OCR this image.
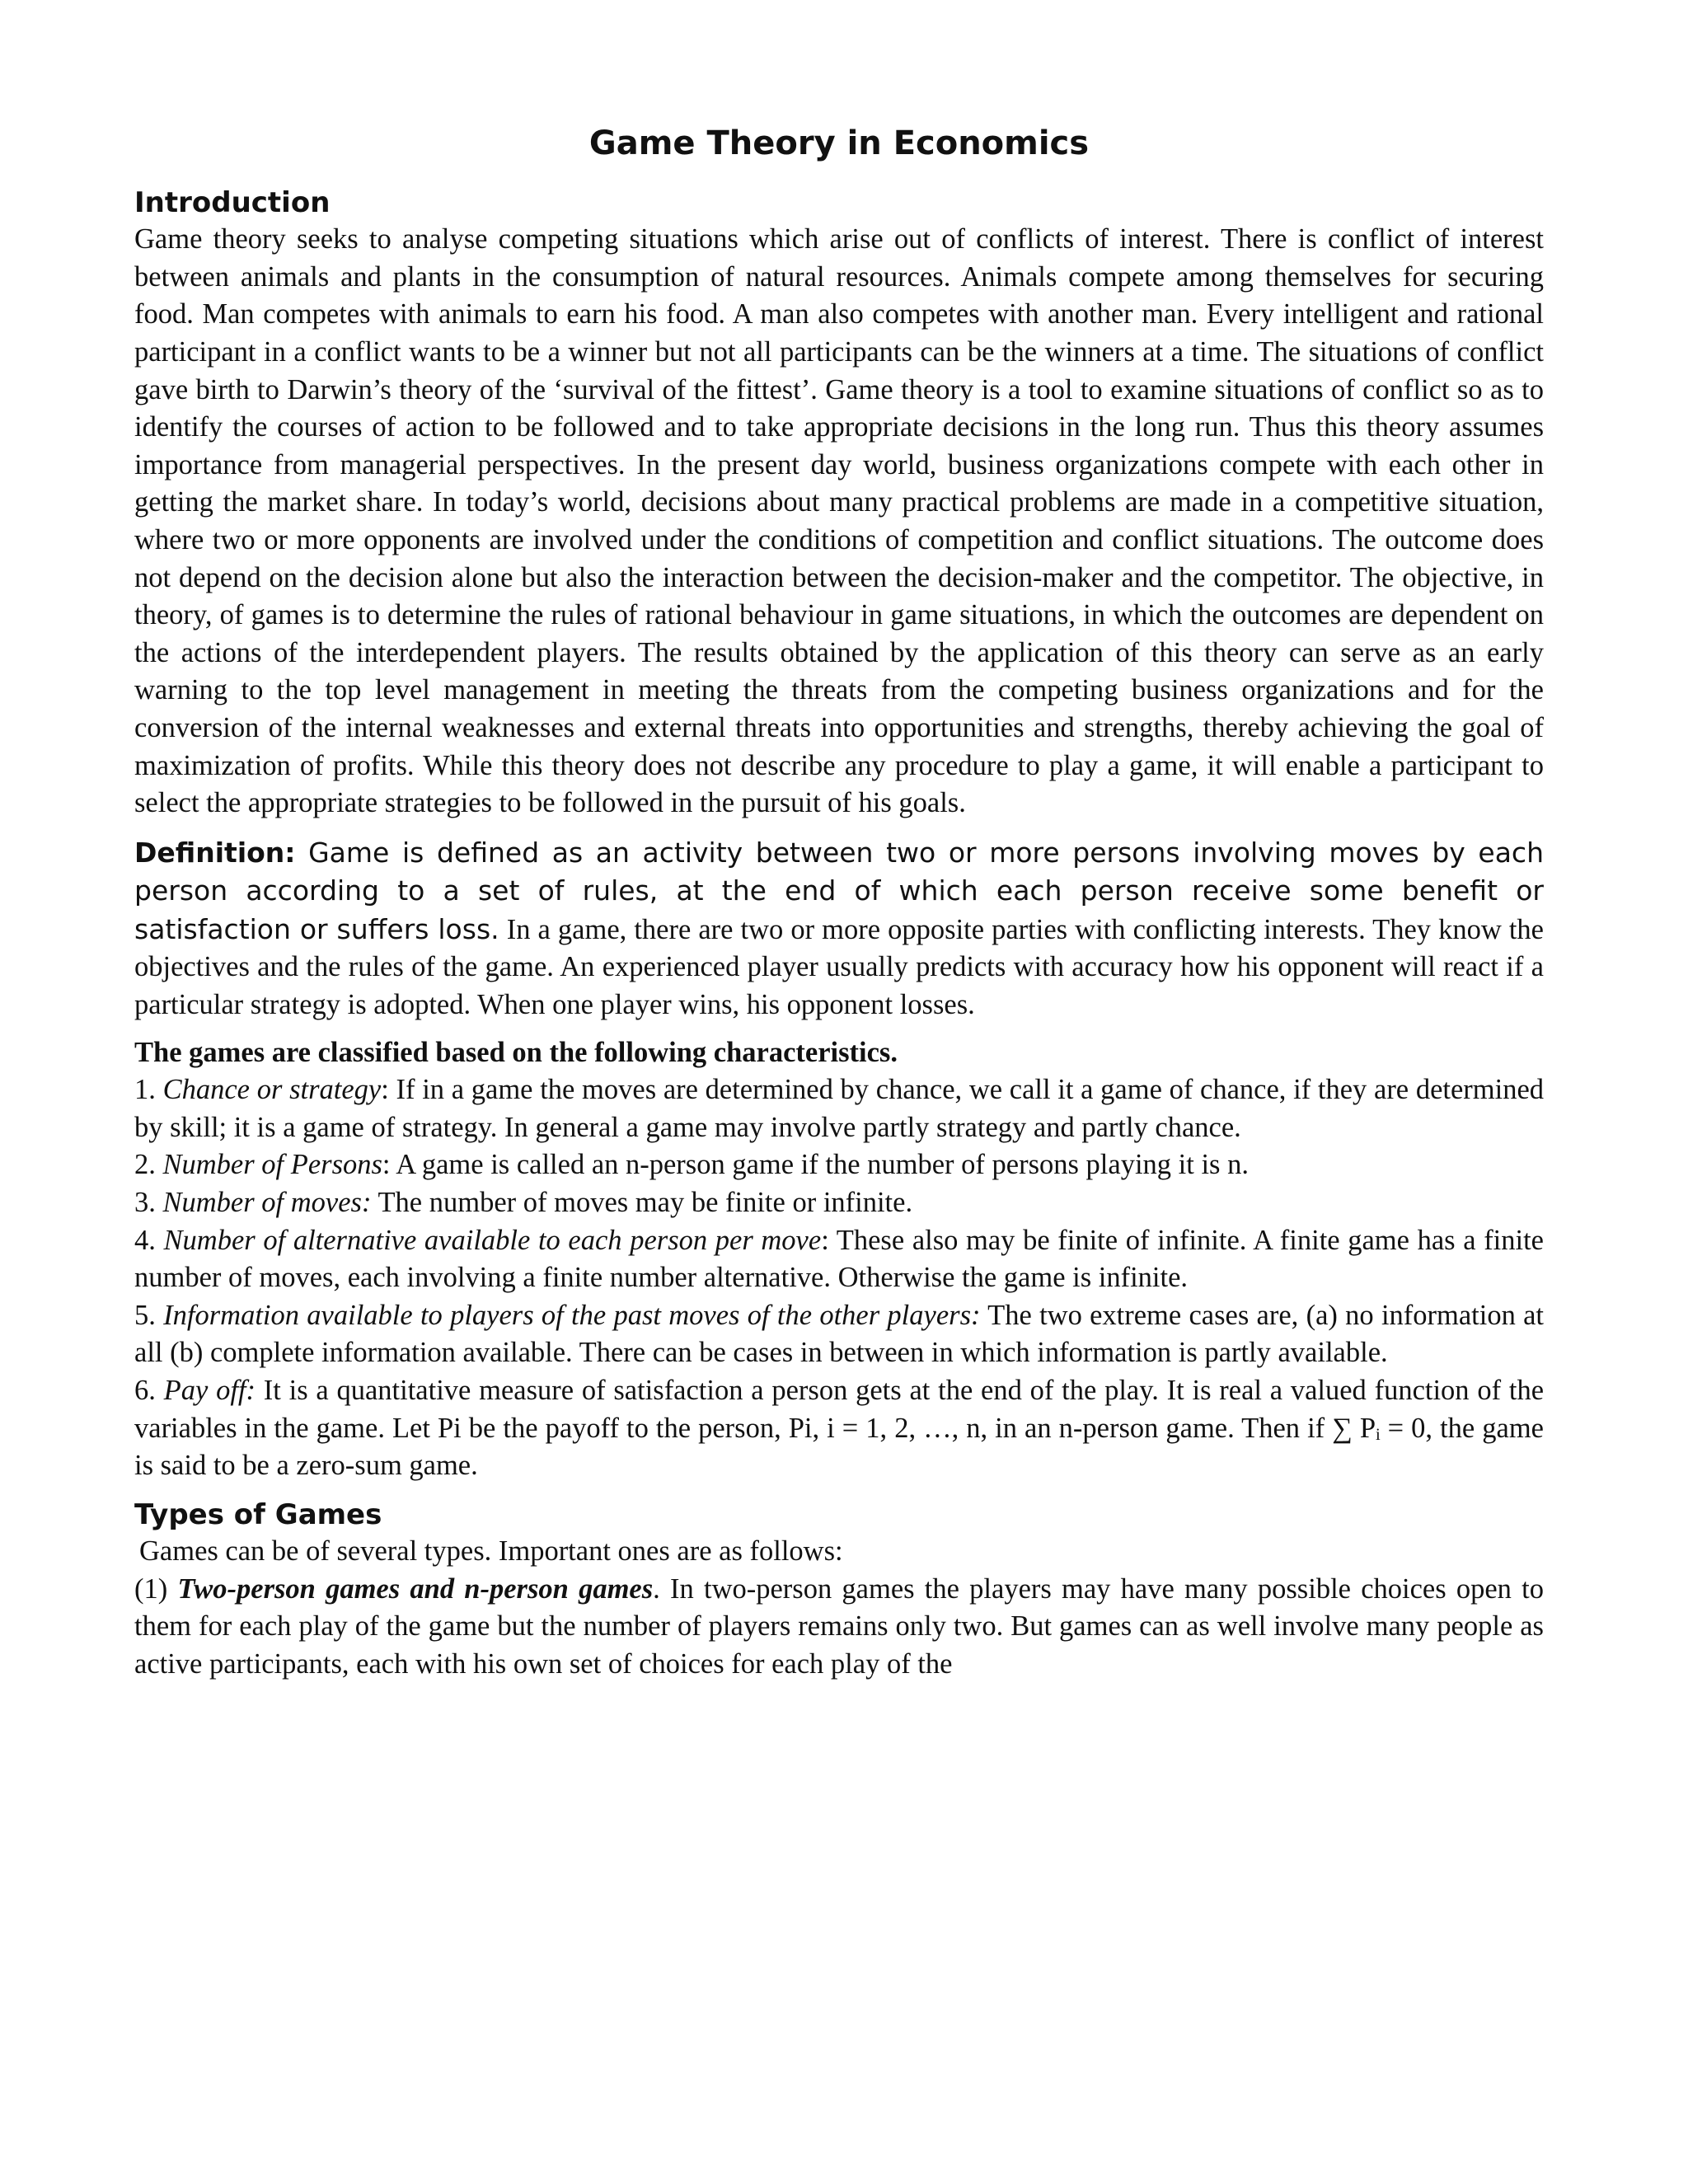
Game Theory in Economics
Introduction

Game theory seeks to analyse competing situations which arise out of conflicts of interest. There is conflict of interest between animals and plants in the consumption of natural resources. Animals compete among themselves for securing food. Man competes with animals to earn his food. A man also competes with another man. Every intelligent and rational participant in a conflict wants to be a winner but not all participants can be the winners at a time. The situations of conflict gave birth to Darwin’s theory of the ‘survival of the fittest’. Game theory is a tool to examine situations of conflict so as to identify the courses of action to be followed and to take appropriate decisions in the long run. Thus this theory assumes importance from managerial perspectives. In the present day world, business organizations compete with each other in getting the market share. In today’s world, decisions about many practical problems are made in a competitive situation, where two or more opponents are involved under the conditions of competition and conflict situations. The outcome does not depend on the decision alone but also the interaction between the decision-maker and the competitor. The objective, in theory, of games is to determine the rules of rational behaviour in game situations, in which the outcomes are dependent on the actions of the interdependent players. The results obtained by the application of this theory can serve as an early warning to the top level management in meeting the threats from the competing business organizations and for the conversion of the internal weaknesses and external threats into opportunities and strengths, thereby achieving the goal of maximization of profits. While this theory does not describe any procedure to play a game, it will enable a participant to select the appropriate strategies to be followed in the pursuit of his goals.

Definition: Game is defined as an activity between two or more persons involving moves by each person according to a set of rules, at the end of which each person receive some benefit or satisfaction or suffers loss. In a game, there are two or more opposite parties with conflicting interests. They know the objectives and the rules of the game. An experienced player usually predicts with accuracy how his opponent will react if a particular strategy is adopted. When one player wins, his opponent losses.

The games are classified based on the following characteristics.

1. Chance or strategy: If in a game the moves are determined by chance, we call it a game of chance, if they are determined by skill; it is a game of strategy. In general a game may involve partly strategy and partly chance.

2. Number of Persons: A game is called an n-person game if the number of persons playing it is n.

3. Number of moves: The number of moves may be finite or infinite.

4. Number of alternative available to each person per move: These also may be finite of infinite. A finite game has a finite number of moves, each involving a finite number alternative. Otherwise the game is infinite.

5. Information available to players of the past moves of the other players: The two extreme cases are, (a) no information at all (b) complete information available. There can be cases in between in which information is partly available.

6. Pay off: It is a quantitative measure of satisfaction a person gets at the end of the play. It is real a valued function of the variables in the game. Let Pi be the payoff to the person, Pi, i = 1, 2, …, n, in an n-person game. Then if ∑ Pᵢ = 0, the game is said to be a zero-sum game.

Types of Games

Games can be of several types. Important ones are as follows:

(1) Two-person games and n-person games. In two-person games the players may have many possible choices open to them for each play of the game but the number of players remains only two. But games can as well involve many people as active participants, each with his own set of choices for each play of the
